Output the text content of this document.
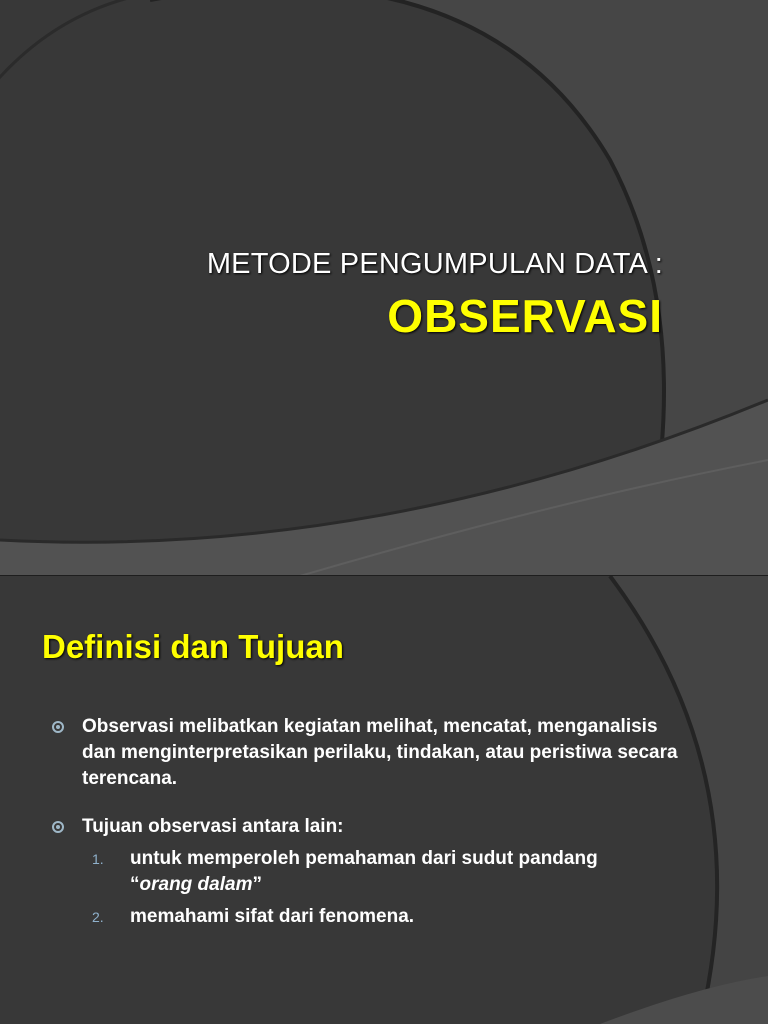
METODE PENGUMPULAN DATA :
OBSERVASI
Definisi dan Tujuan
Observasi melibatkan kegiatan melihat, mencatat, menganalisis dan menginterpretasikan perilaku, tindakan, atau peristiwa secara terencana.
Tujuan observasi antara lain:
1. untuk memperoleh pemahaman dari sudut pandang
“orang dalam”
2. memahami sifat dari fenomena.
